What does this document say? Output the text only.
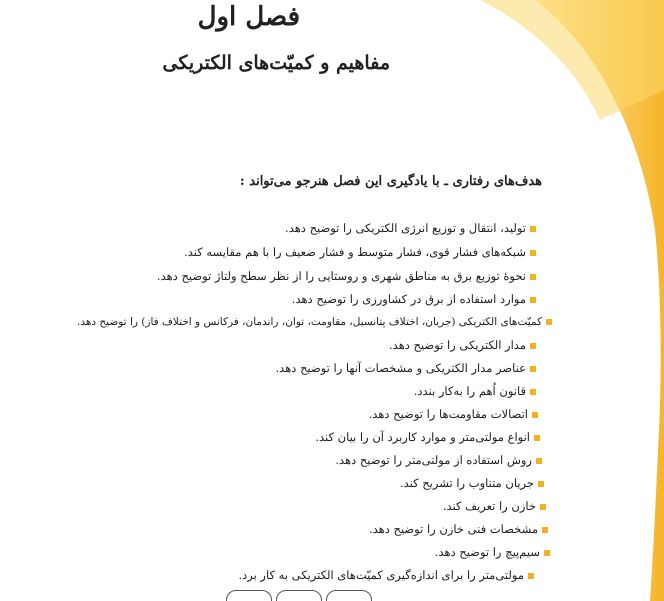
فصل اول
مفاهیم و کمیّت‌های الکتریکی
هدف‌های رفتاری ـ با یادگیری این فصل هنرجو می‌تواند :
تولید، انتقال و توزیع انرژی الکتریکی را توضیح دهد.
شبکه‌های فشار قوی، فشار متوسط و فشار ضعیف را با هم مقایسه کند.
نحوهٔ توزیع برق به مناطق شهری و روستایی را از نظر سطح ولتاژ توضیح دهد.
موارد استفاده از برق در کشاورزی را توضیح دهد.
کمیّت‌های الکتریکی (جریان، اختلاف پتانسیل، مقاومت، توان، راندمان، فرکانس و اختلاف فاز) را توضیح دهد.
مدار الکتریکی را توضیح دهد.
عناصر مدار الکتریکی و مشخصات آنها را توضیح دهد.
قانون اُهم را به‌کار بندد.
اتصالات مقاومت‌ها را توضیح دهد.
انواع مولتی‌متر و موارد کاربرد آن را بیان کند.
روش استفاده از مولتی‌متر را توضیح دهد.
جریان متناوب را تشریح کند.
خازن را تعریف کند.
مشخصات فنی خازن را توضیح دهد.
سیم‌پیچ را توضیح دهد.
مولتی‌متر را برای اندازه‌گیری کمیّت‌های الکتریکی به کار برد.
